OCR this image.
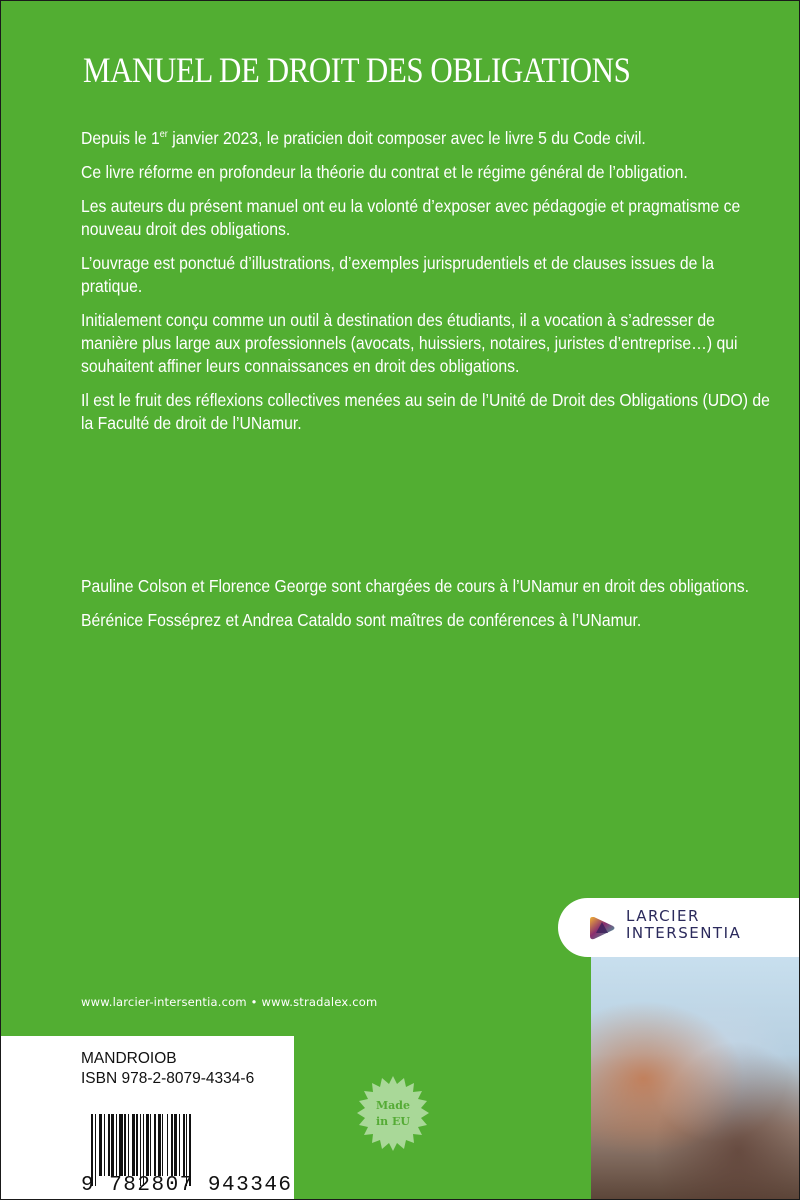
MANUEL DE DROIT DES OBLIGATIONS

Depuis le 1er janvier 2023, le praticien doit composer avec le livre 5 du Code civil.

Ce livre réforme en profondeur la théorie du contrat et le régime général de l’obligation.

Les auteurs du présent manuel ont eu la volonté d’exposer avec pédagogie et pragmatisme ce nouveau droit des obligations.

L’ouvrage est ponctué d’illustrations, d’exemples jurisprudentiels et de clauses issues de la pratique.

Initialement conçu comme un outil à destination des étudiants, il a vocation à s’adresser de manière plus large aux professionnels (avocats, huissiers, notaires, juristes d’entreprise…) qui souhaitent affiner leurs connaissances en droit des obligations.

Il est le fruit des réflexions collectives menées au sein de l’Unité de Droit des Obligations (UDO) de la Faculté de droit de l’UNamur.

Pauline Colson et Florence George sont chargées de cours à l’UNamur en droit des obligations.

Bérénice Fosséprez et Andrea Cataldo sont maîtres de conférences à l’UNamur.

LARCIER
INTERSENTIA
www.larcier-intersentia.com • www.stradalex.com
MANDROIOB
ISBN 978-2-8079-4334-6
9 782807 943346
Made
in EU
